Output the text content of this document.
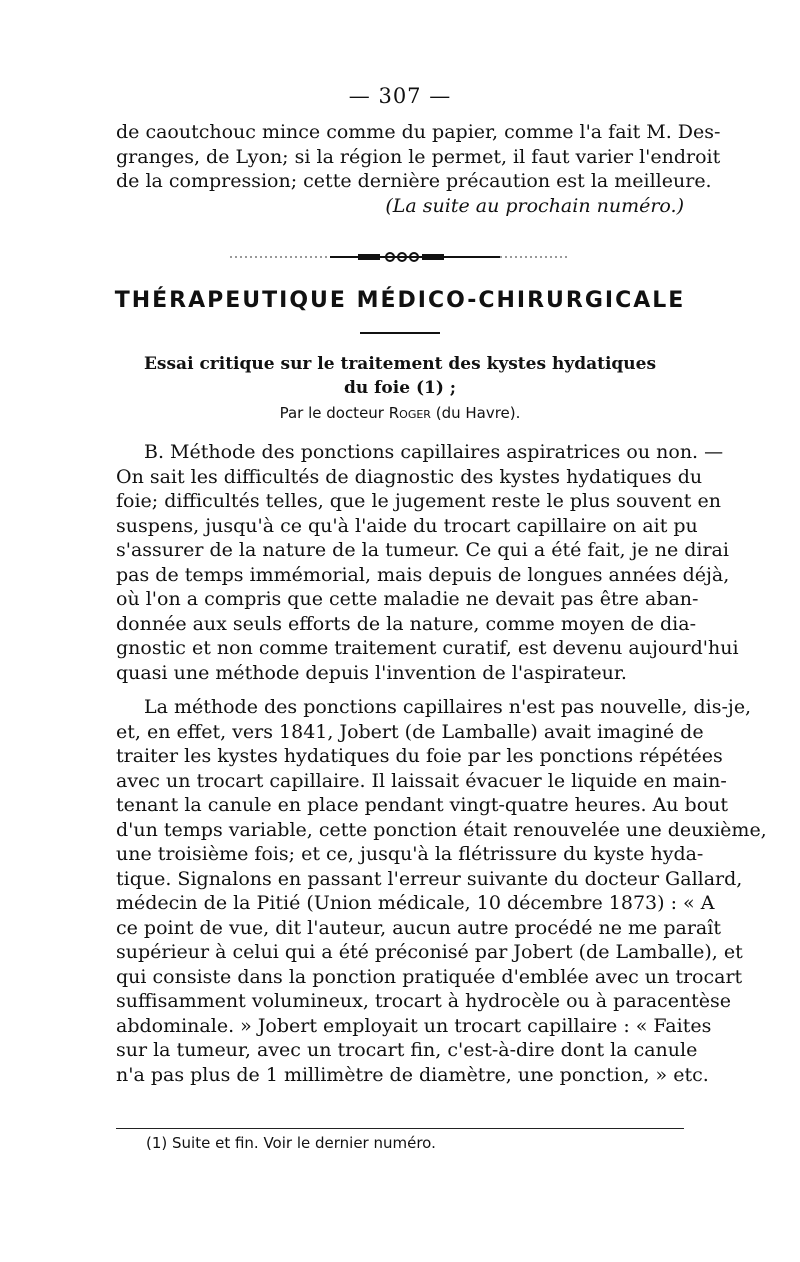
— 307 —
de caoutchouc mince comme du papier, comme l'a fait M. Des-
granges, de Lyon; si la région le permet, il faut varier l'endroit
de la compression; cette dernière précaution est la meilleure.
(La suite au prochain numéro.)
THÉRAPEUTIQUE MÉDICO-CHIRURGICALE
Essai critique sur le traitement des kystes hydatiques
du foie (1) ;
Par le docteur Roger (du Havre).
B. Méthode des ponctions capillaires aspiratrices ou non. —
On sait les difficultés de diagnostic des kystes hydatiques du
foie; difficultés telles, que le jugement reste le plus souvent en
suspens, jusqu'à ce qu'à l'aide du trocart capillaire on ait pu
s'assurer de la nature de la tumeur. Ce qui a été fait, je ne dirai
pas de temps immémorial, mais depuis de longues années déjà,
où l'on a compris que cette maladie ne devait pas être aban-
donnée aux seuls efforts de la nature, comme moyen de dia-
gnostic et non comme traitement curatif, est devenu aujourd'hui
quasi une méthode depuis l'invention de l'aspirateur.
La méthode des ponctions capillaires n'est pas nouvelle, dis-je,
et, en effet, vers 1841, Jobert (de Lamballe) avait imaginé de
traiter les kystes hydatiques du foie par les ponctions répétées
avec un trocart capillaire. Il laissait évacuer le liquide en main-
tenant la canule en place pendant vingt-quatre heures. Au bout
d'un temps variable, cette ponction était renouvelée une deuxième,
une troisième fois; et ce, jusqu'à la flétrissure du kyste hyda-
tique. Signalons en passant l'erreur suivante du docteur Gallard,
médecin de la Pitié (Union médicale, 10 décembre 1873) : « A
ce point de vue, dit l'auteur, aucun autre procédé ne me paraît
supérieur à celui qui a été préconisé par Jobert (de Lamballe), et
qui consiste dans la ponction pratiquée d'emblée avec un trocart
suffisamment volumineux, trocart à hydrocèle ou à paracentèse
abdominale. » Jobert employait un trocart capillaire : « Faites
sur la tumeur, avec un trocart fin, c'est-à-dire dont la canule
n'a pas plus de 1 millimètre de diamètre, une ponction, » etc.
(1) Suite et fin. Voir le dernier numéro.
